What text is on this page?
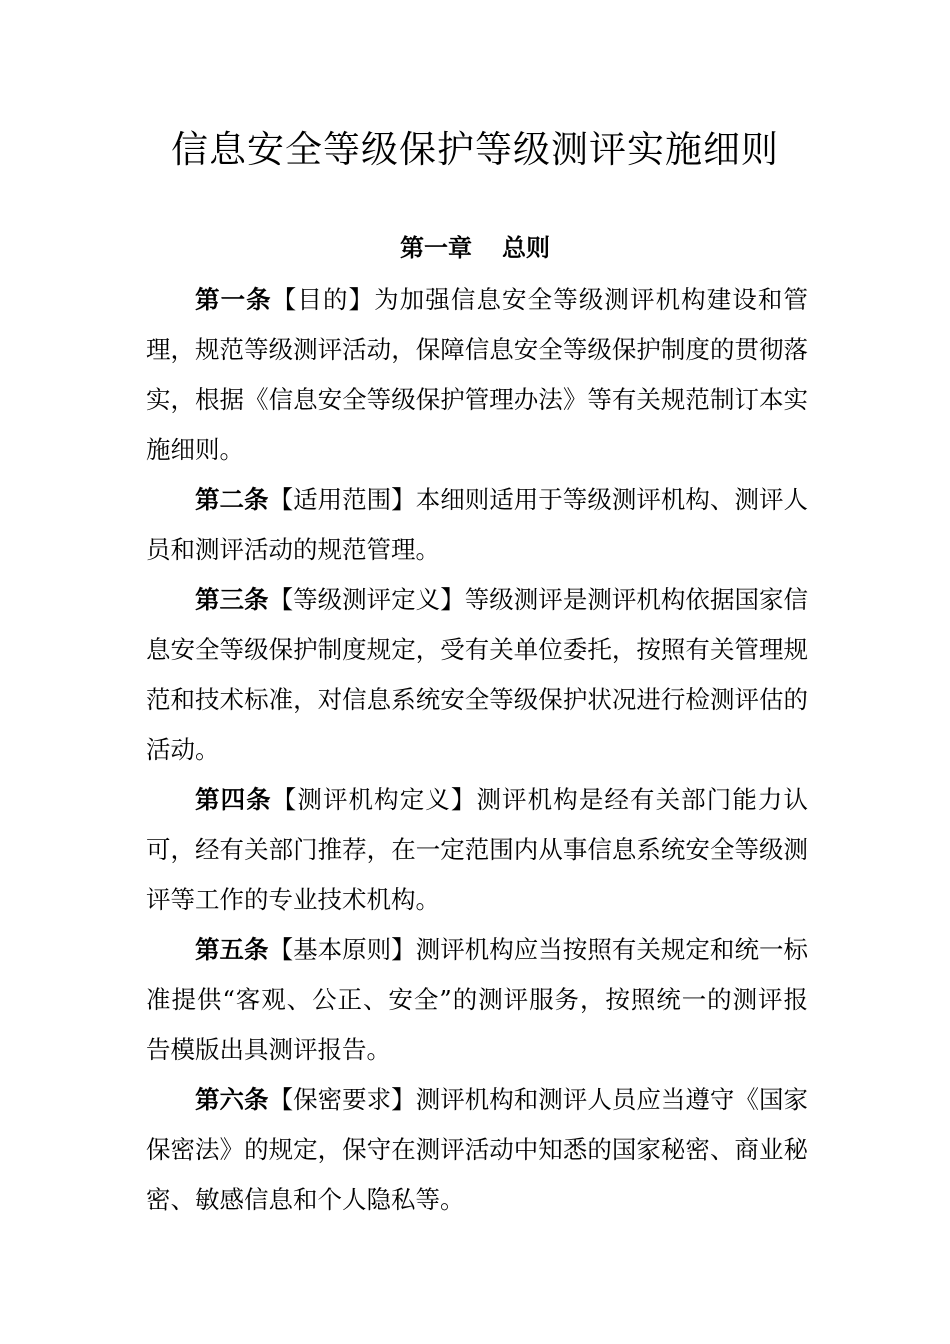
信息安全等级保护等级测评实施细则
第一章 总则

第一条【目的】为加强信息安全等级测评机构建设和管理，规范等级测评活动，保障信息安全等级保护制度的贯彻落实，根据《信息安全等级保护管理办法》等有关规范制订本实施细则。

第二条【适用范围】本细则适用于等级测评机构、测评人员和测评活动的规范管理。

第三条【等级测评定义】等级测评是测评机构依据国家信息安全等级保护制度规定，受有关单位委托，按照有关管理规范和技术标准，对信息系统安全等级保护状况进行检测评估的活动。

第四条【测评机构定义】测评机构是经有关部门能力认可，经有关部门推荐，在一定范围内从事信息系统安全等级测评等工作的专业技术机构。

第五条【基本原则】测评机构应当按照有关规定和统一标准提供“客观、公正、安全”的测评服务，按照统一的测评报告模版出具测评报告。

第六条【保密要求】测评机构和测评人员应当遵守《国家保密法》的规定，保守在测评活动中知悉的国家秘密、商业秘密、敏感信息和个人隐私等。
